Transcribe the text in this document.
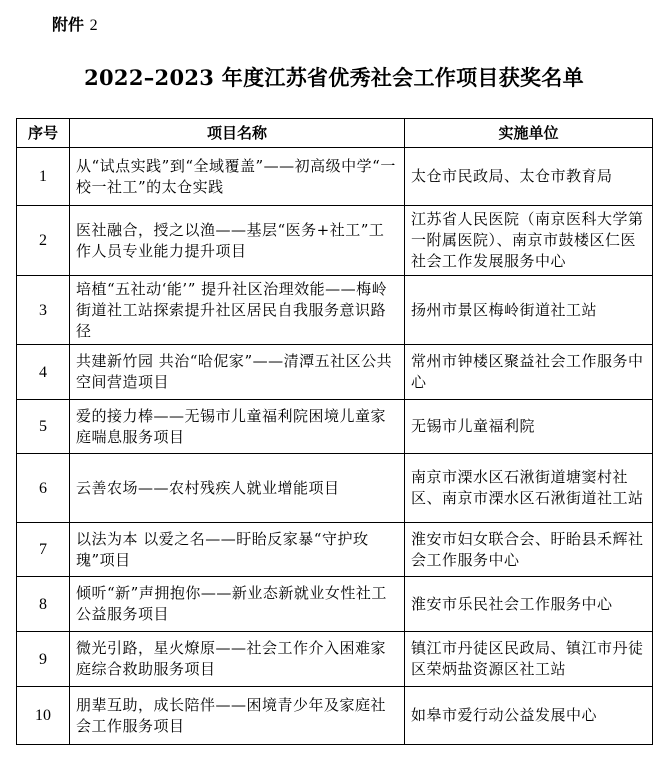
附件 2
2022–2023 年度江苏省优秀社会工作项目获奖名单
序号	项目名称	实施单位
1	从“试点实践”到“全域覆盖”——初高级中学“一校一社工”的太仓实践	太仓市民政局、太仓市教育局
2	医社融合，授之以渔——基层“医务+社工”工作人员专业能力提升项目	江苏省人民医院（南京医科大学第一附属医院）、南京市鼓楼区仁医社会工作发展服务中心
3	培植“五社动‘能’” 提升社区治理效能——梅岭街道社工站探索提升社区居民自我服务意识路径	扬州市景区梅岭街道社工站
4	共建新竹园 共治“哈伲家”——清潭五社区公共空间营造项目	常州市钟楼区聚益社会工作服务中心
5	爱的接力棒——无锡市儿童福利院困境儿童家庭喘息服务项目	无锡市儿童福利院
6	云善农场——农村残疾人就业增能项目	南京市溧水区石湫街道塘窦村社区、南京市溧水区石湫街道社工站
7	以法为本 以爱之名——盱眙反家暴“守护玫瑰”项目	淮安市妇女联合会、盱眙县禾辉社会工作服务中心
8	倾听“新”声拥抱你——新业态新就业女性社工公益服务项目	淮安市乐民社会工作服务中心
9	微光引路，星火燎原——社会工作介入困难家庭综合救助服务项目	镇江市丹徒区民政局、镇江市丹徒区荣炳盐资源区社工站
10	朋辈互助，成长陪伴——困境青少年及家庭社会工作服务项目	如皋市爱行动公益发展中心
